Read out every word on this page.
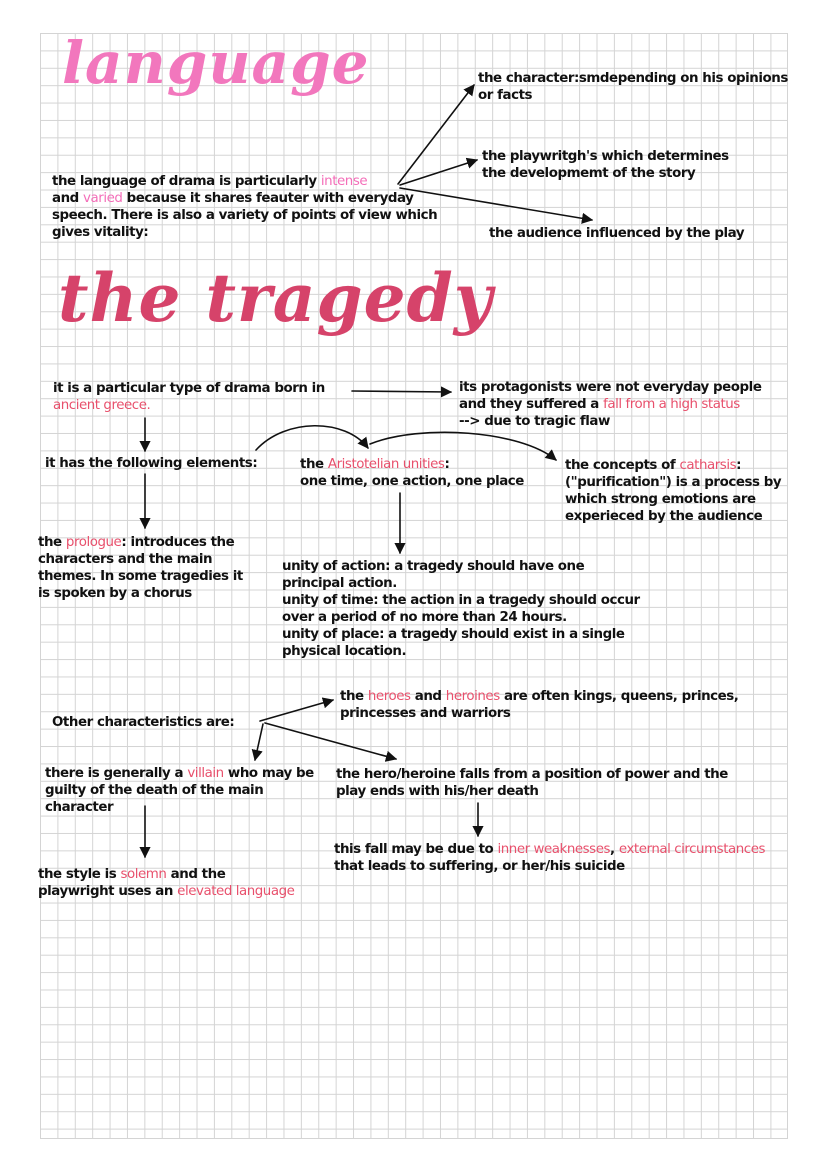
language
the tragedy
the language of drama is particularly intense
and varied because it shares feauter with everyday
speech. There is also a variety of points of view which
gives vitality:
the character:smdepending on his opinions
or facts
the playwritgh's which determines
the developmemt of the story
the audience influenced by the play
it is a particular type of drama born in
ancient greece.
its protagonists were not everyday people
and they suffered a fall from a high status
--> due to tragic flaw
it has the following elements:	the Aristotelian unities:
one time, one action, one place
the concepts of catharsis:
("purification") is a process by
which strong emotions are
experieced by the audience
the prologue: introduces the
characters and the main
themes. In some tragedies it
is spoken by a chorus
unity of action: a tragedy should have one
principal action.
unity of time: the action in a tragedy should occur
over a period of no more than 24 hours.
unity of place: a tragedy should exist in a single
physical location.
Other characteristics are:
the heroes and heroines are often kings, queens, princes,
princesses and warriors
there is generally a villain who may be
guilty of the death of the main
character
the hero/heroine falls from a position of power and the
play ends with his/her death
the style is solemn and the
playwright uses an elevated language
this fall may be due to inner weaknesses, external circumstances
that leads to suffering, or her/his suicide
